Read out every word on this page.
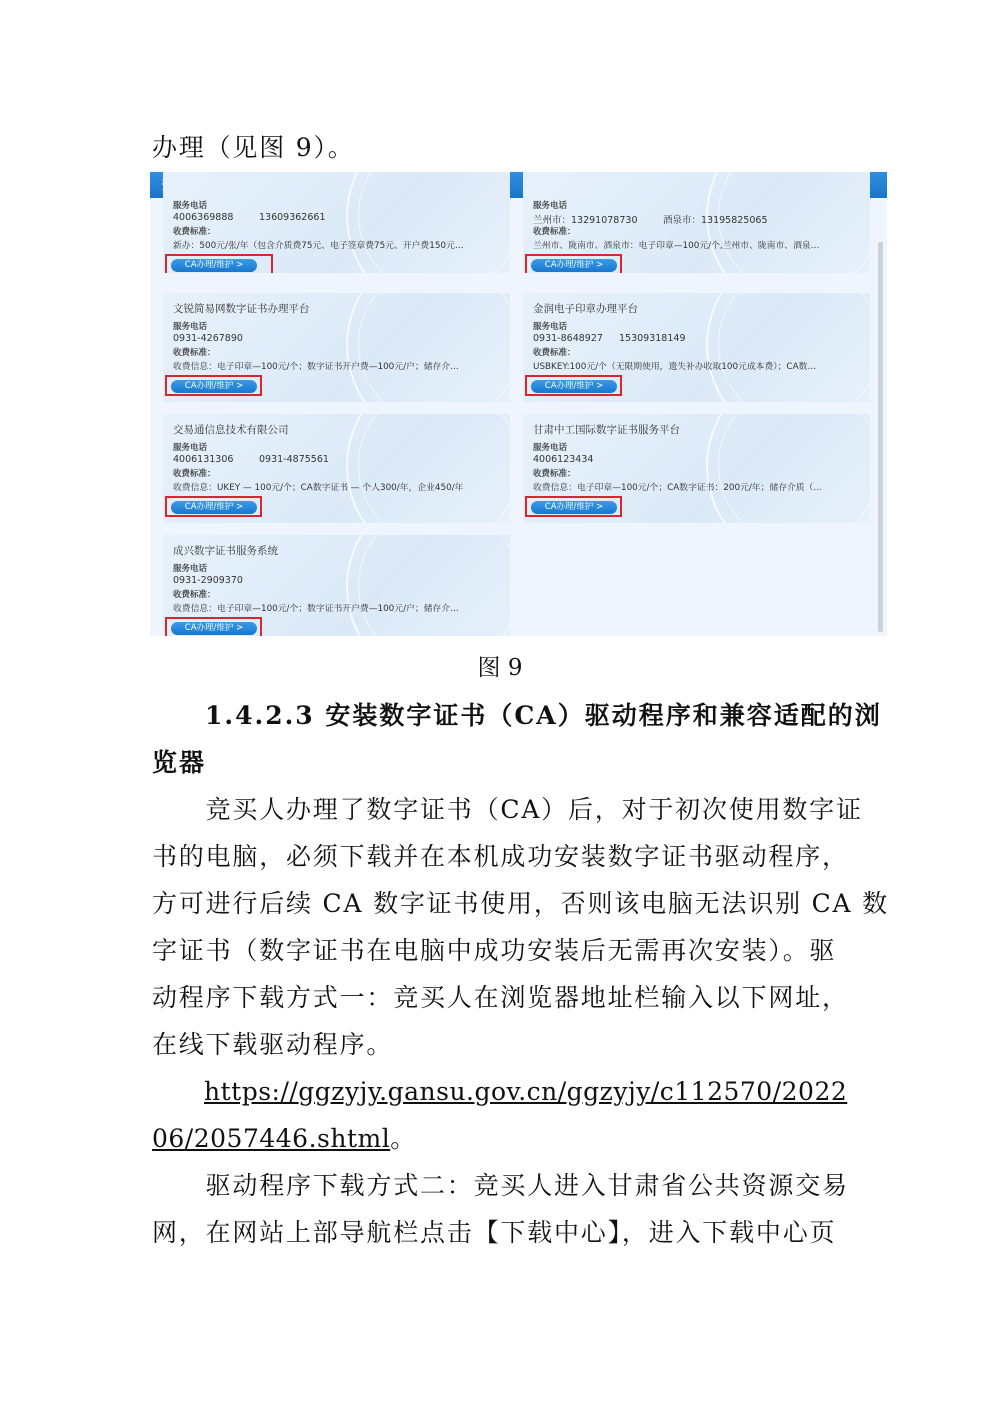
办理（见图 9）。
服务电话
4006369888	13609362661
收费标准：
新办：500元/张/年（包含介质费75元、电子签章费75元、开户费150元…
CA办理/维护 >
服务电话
兰州市：13291078730	酒泉市：13195825065
收费标准：
兰州市、陇南市、酒泉市：电子印章—100元/个,兰州市、陇南市、酒泉…
CA办理/维护 >
文锐简易网数字证书办理平台
服务电话
0931-4267890
收费标准：
收费信息：电子印章—100元/个；数字证书开户费—100元/户；储存介…
CA办理/维护 >
金润电子印章办理平台
服务电话
0931-8648927 15309318149
收费标准：
USBKEY:100元/个（无限期使用，遗失补办收取100元成本费）；CA数…
CA办理/维护 >
交易通信息技术有限公司
服务电话
4006131306	0931-4875561
收费标准：
收费信息：UKEY — 100元/个；CA数字证书 — 个人300/年，企业450/年
CA办理/维护 >
甘肃中工国际数字证书服务平台
服务电话
4006123434
收费标准：
收费信息：电子印章—100元/个；CA数字证书：200元/年；储存介质（…
CA办理/维护 >
成兴数字证书服务系统
服务电话
0931-2909370
收费标准：
收费信息：电子印章—100元/个；数字证书开户费—100元/户；储存介…
CA办理/维护 >
图 9
1.4.2.3 安装数字证书（CA）驱动程序和兼容适配的浏
览器
　　竞买人办理了数字证书（CA）后，对于初次使用数字证
书的电脑，必须下载并在本机成功安装数字证书驱动程序，
方可进行后续 CA 数字证书使用，否则该电脑无法识别 CA 数
字证书（数字证书在电脑中成功安装后无需再次安装）。驱
动程序下载方式一：竞买人在浏览器地址栏输入以下网址，
在线下载驱动程序。
https://ggzyjy.gansu.gov.cn/ggzyjy/c112570/2022
06/2057446.shtml。
　　驱动程序下载方式二：竞买人进入甘肃省公共资源交易
网，在网站上部导航栏点击【下载中心】，进入下载中心页
